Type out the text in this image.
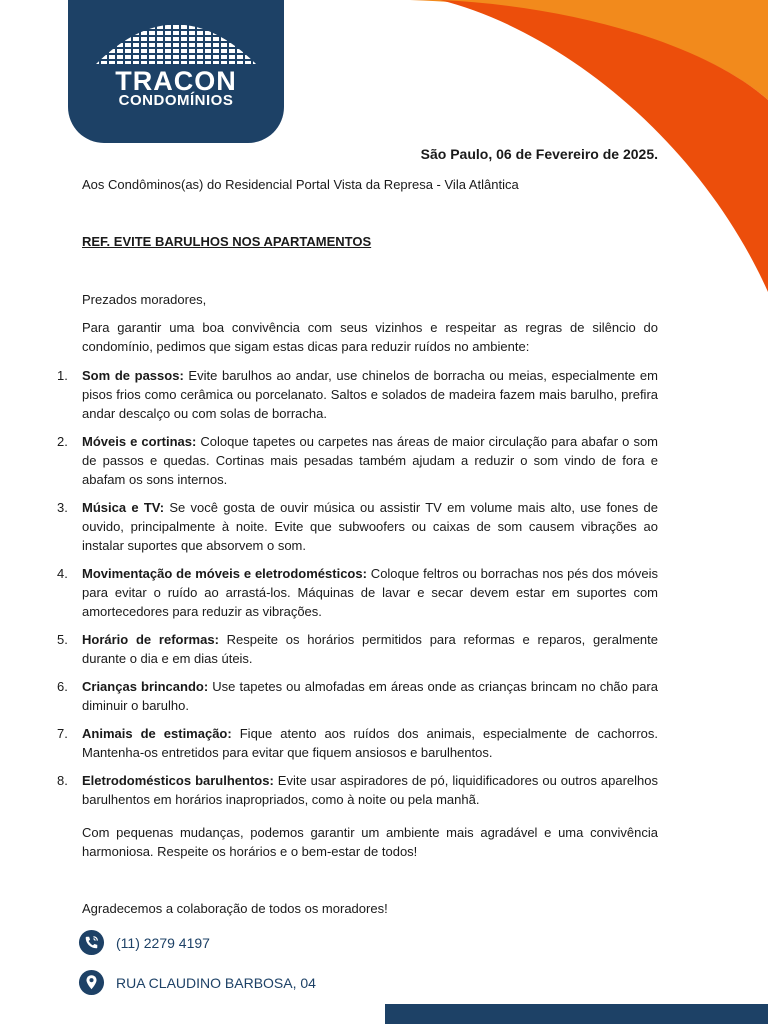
TRACON
CONDOMÍNIOS
São Paulo, 06 de Fevereiro de 2025.
Aos Condôminos(as) do Residencial Portal Vista da Represa - Vila Atlântica
REF. EVITE BARULHOS NOS APARTAMENTOS
Prezados moradores,
Para garantir uma boa convivência com seus vizinhos e respeitar as regras de silêncio do condomínio, pedimos que sigam estas dicas para reduzir ruídos no ambiente:
1. Som de passos: Evite barulhos ao andar, use chinelos de borracha ou meias, especialmente em pisos frios como cerâmica ou porcelanato. Saltos e solados de madeira fazem mais barulho, prefira andar descalço ou com solas de borracha.
2. Móveis e cortinas: Coloque tapetes ou carpetes nas áreas de maior circulação para abafar o som de passos e quedas. Cortinas mais pesadas também ajudam a reduzir o som vindo de fora e abafam os sons internos.
3. Música e TV: Se você gosta de ouvir música ou assistir TV em volume mais alto, use fones de ouvido, principalmente à noite. Evite que subwoofers ou caixas de som causem vibrações ao instalar suportes que absorvem o som.
4. Movimentação de móveis e eletrodomésticos: Coloque feltros ou borrachas nos pés dos móveis para evitar o ruído ao arrastá-los. Máquinas de lavar e secar devem estar em suportes com amortecedores para reduzir as vibrações.
5. Horário de reformas: Respeite os horários permitidos para reformas e reparos, geralmente durante o dia e em dias úteis.
6. Crianças brincando: Use tapetes ou almofadas em áreas onde as crianças brincam no chão para diminuir o barulho.
7. Animais de estimação: Fique atento aos ruídos dos animais, especialmente de cachorros. Mantenha-os entretidos para evitar que fiquem ansiosos e barulhentos.
8. Eletrodomésticos barulhentos: Evite usar aspiradores de pó, liquidificadores ou outros aparelhos barulhentos em horários inapropriados, como à noite ou pela manhã.
Com pequenas mudanças, podemos garantir um ambiente mais agradável e uma convivência harmoniosa. Respeite os horários e o bem-estar de todos!
Agradecemos a colaboração de todos os moradores!
(11) 2279 4197
RUA CLAUDINO BARBOSA, 04
